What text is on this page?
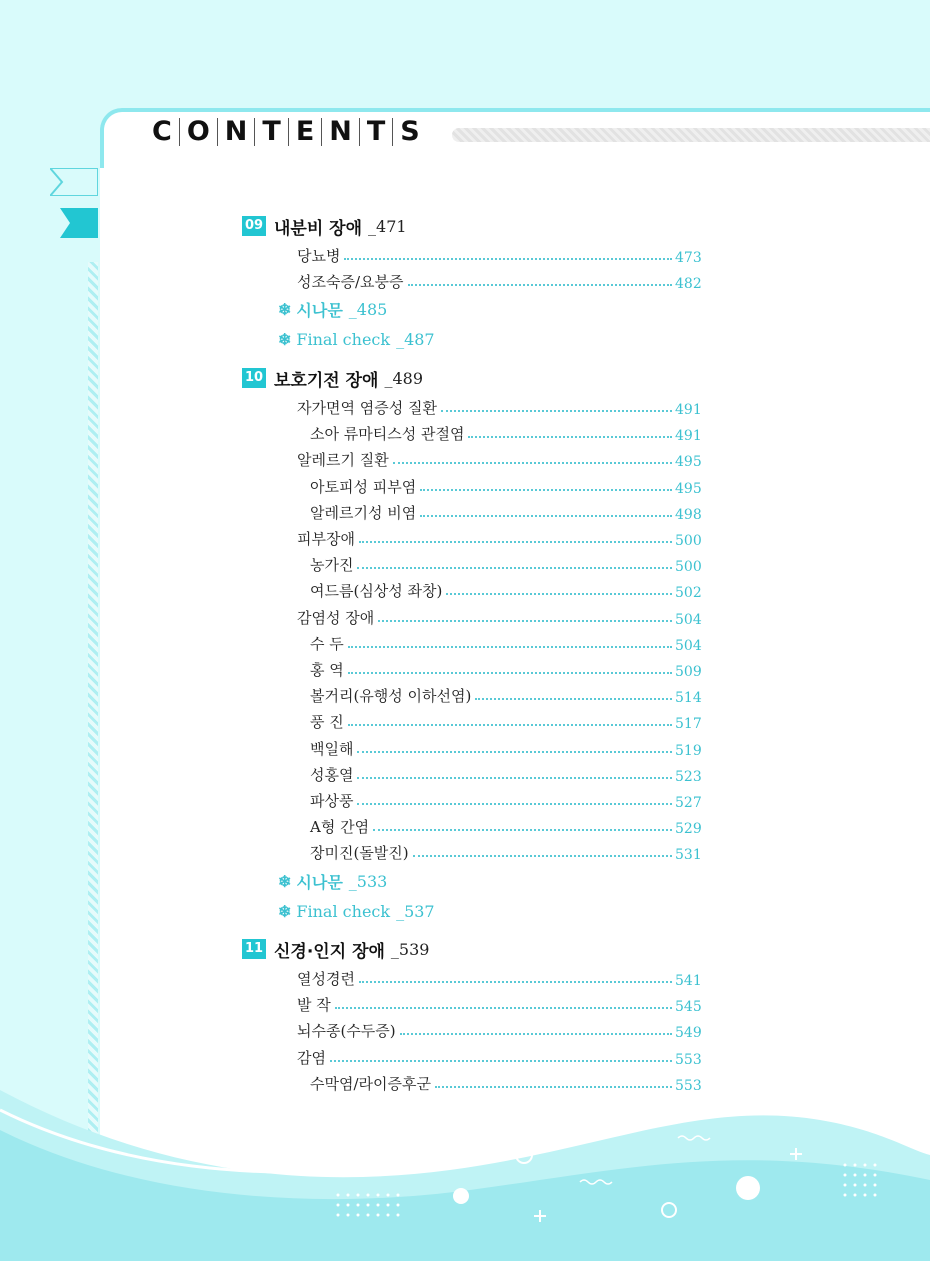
C O N T E N T S
09 내분비 장애 _471
당뇨병	473
성조숙증/요붕증	482
❄ 시나문 _485
❄ Final check _487
10 보호기전 장애 _489
자가면역 염증성 질환	491
소아 류마티스성 관절염	491
알레르기 질환	495
아토피성 피부염	495
알레르기성 비염	498
피부장애	500
농가진	500
여드름(심상성 좌창)	502
감염성 장애	504
수 두	504
홍 역	509
볼거리(유행성 이하선염)	514
풍 진	517
백일해	519
성홍열	523
파상풍	527
A형 간염	529
장미진(돌발진)	531
❄ 시나문 _533
❄ Final check _537
11 신경·인지 장애 _539
열성경련	541
발 작	545
뇌수종(수두증)	549
감염	553
수막염/라이증후군	553
